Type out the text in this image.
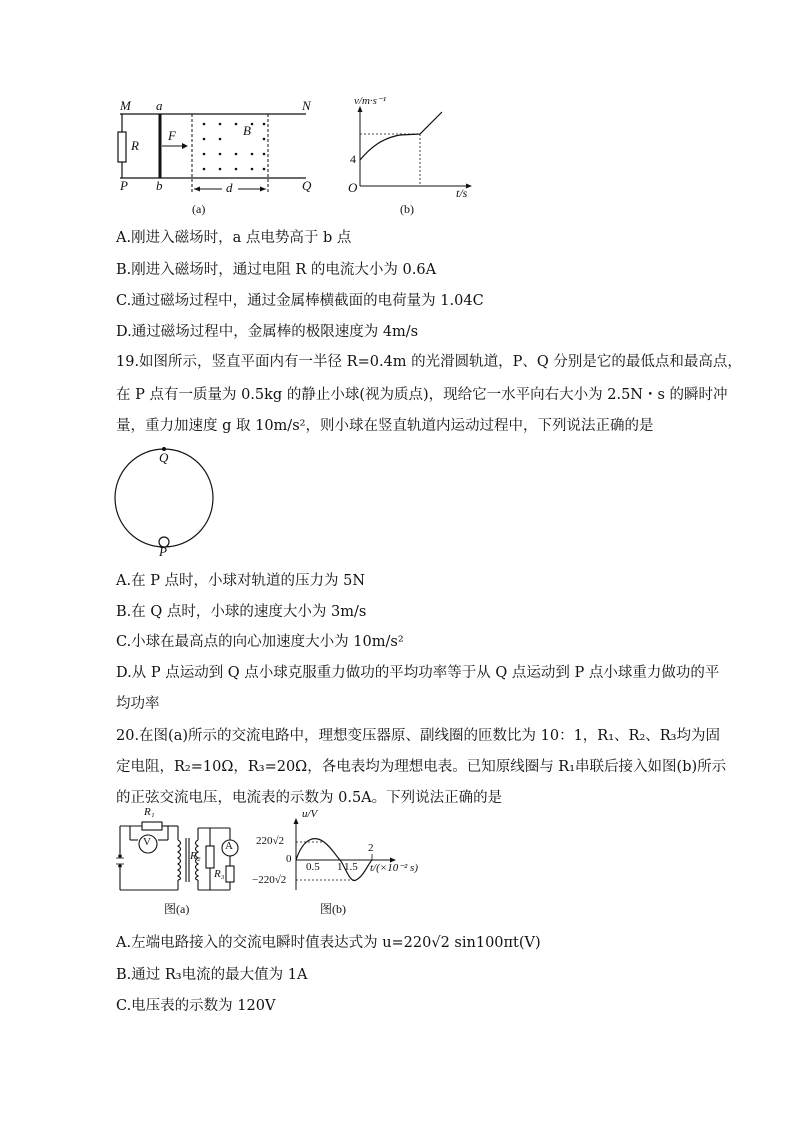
M a	N
R
F	B
P b	d	Q
(a)
v/m·s⁻¹
4
O	t/s
(b)
A.刚进入磁场时，a 点电势高于 b 点
B.刚进入磁场时，通过电阻 R 的电流大小为 0.6A
C.通过磁场过程中，通过金属棒横截面的电荷量为 1.04C
D.通过磁场过程中，金属棒的极限速度为 4m/s
19.如图所示，竖直平面内有一半径 R=0.4m 的光滑圆轨道，P、Q 分别是它的最低点和最高点，
在 P 点有一质量为 0.5kg 的静止小球(视为质点)，现给它一水平向右大小为 2.5N・s 的瞬时冲
量，重力加速度 g 取 10m/s²，则小球在竖直轨道内运动过程中，下列说法正确的是
Q
P
A.在 P 点时，小球对轨道的压力为 5N
B.在 Q 点时，小球的速度大小为 3m/s
C.小球在最高点的向心加速度大小为 10m/s²
D.从 P 点运动到 Q 点小球克服重力做功的平均功率等于从 Q 点运动到 P 点小球重力做功的平
均功率
20.在图(a)所示的交流电路中，理想变压器原、副线圈的匝数比为 10：1，R₁、R₂、R₃均为固
定电阻，R₂=10Ω，R₃=20Ω，各电表均为理想电表。已知原线圈与 R₁串联后接入如图(b)所示
的正弦交流电压，电流表的示数为 0.5A。下列说法正确的是
R₁
V
R₂
A
R₃
图(a)
u/V
220√2
0
−220√2
0.5 1 1.5
2
t/(×10⁻² s)
图(b)
A.左端电路接入的交流电瞬时值表达式为 u=220√2 sin100πt(V)
B.通过 R₃电流的最大值为 1A
C.电压表的示数为 120V
